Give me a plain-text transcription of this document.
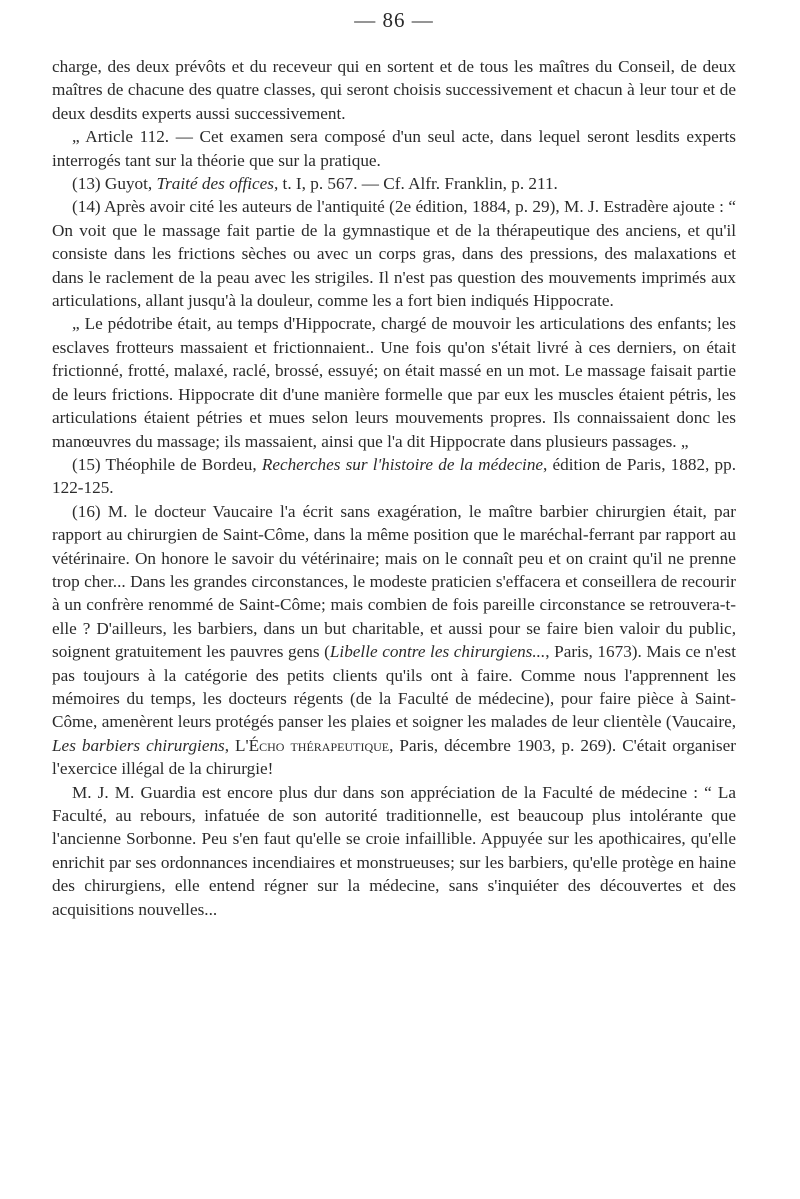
— 86 —

charge, des deux prévôts et du receveur qui en sortent et de tous les maîtres du Conseil, de deux maîtres de chacune des quatre classes, qui seront choisis successivement et chacun à leur tour et de deux desdits experts aussi successivement.

„ Article 112. — Cet examen sera composé d'un seul acte, dans lequel seront lesdits experts interrogés tant sur la théorie que sur la pratique.

(13) Guyot, Traité des offices, t. I, p. 567. — Cf. Alfr. Franklin, p. 211.

(14) Après avoir cité les auteurs de l'antiquité (2e édition, 1884, p. 29), M. J. Estradère ajoute : “ On voit que le massage fait partie de la gymnastique et de la thérapeutique des anciens, et qu'il consiste dans les frictions sèches ou avec un corps gras, dans des pressions, des malaxations et dans le raclement de la peau avec les strigiles. Il n'est pas question des mouvements imprimés aux articulations, allant jusqu'à la douleur, comme les a fort bien indiqués Hippocrate.

„ Le pédotribe était, au temps d'Hippocrate, chargé de mouvoir les articulations des enfants; les esclaves frotteurs massaient et frictionnaient.. Une fois qu'on s'était livré à ces derniers, on était frictionné, frotté, malaxé, raclé, brossé, essuyé; on était massé en un mot. Le massage faisait partie de leurs frictions. Hippocrate dit d'une manière formelle que par eux les muscles étaient pétris, les articulations étaient pétries et mues selon leurs mouvements propres. Ils connaissaient donc les manœuvres du massage; ils massaient, ainsi que l'a dit Hippocrate dans plusieurs passages. „

(15) Théophile de Bordeu, Recherches sur l'histoire de la médecine, édition de Paris, 1882, pp. 122-125.

(16) M. le docteur Vaucaire l'a écrit sans exagération, le maître barbier chirurgien était, par rapport au chirurgien de Saint-Côme, dans la même position que le maréchal-ferrant par rapport au vétérinaire. On honore le savoir du vétérinaire; mais on le connaît peu et on craint qu'il ne prenne trop cher... Dans les grandes circonstances, le modeste praticien s'effacera et conseillera de recourir à un confrère renommé de Saint-Côme; mais combien de fois pareille circonstance se retrouvera-t-elle ? D'ailleurs, les barbiers, dans un but charitable, et aussi pour se faire bien valoir du public, soignent gratuitement les pauvres gens (Libelle contre les chirurgiens..., Paris, 1673). Mais ce n'est pas toujours à la catégorie des petits clients qu'ils ont à faire. Comme nous l'apprennent les mémoires du temps, les docteurs régents (de la Faculté de médecine), pour faire pièce à Saint-Côme, amenèrent leurs protégés panser les plaies et soigner les malades de leur clientèle (Vaucaire, Les barbiers chirurgiens, L'Écho thérapeutique, Paris, décembre 1903, p. 269). C'était organiser l'exercice illégal de la chirurgie!

M. J. M. Guardia est encore plus dur dans son appréciation de la Faculté de médecine : “ La Faculté, au rebours, infatuée de son autorité traditionnelle, est beaucoup plus intolérante que l'ancienne Sorbonne. Peu s'en faut qu'elle se croie infaillible. Appuyée sur les apothicaires, qu'elle enrichit par ses ordonnances incendiaires et monstrueuses; sur les barbiers, qu'elle protège en haine des chirurgiens, elle entend régner sur la médecine, sans s'inquiéter des découvertes et des acquisitions nouvelles...
